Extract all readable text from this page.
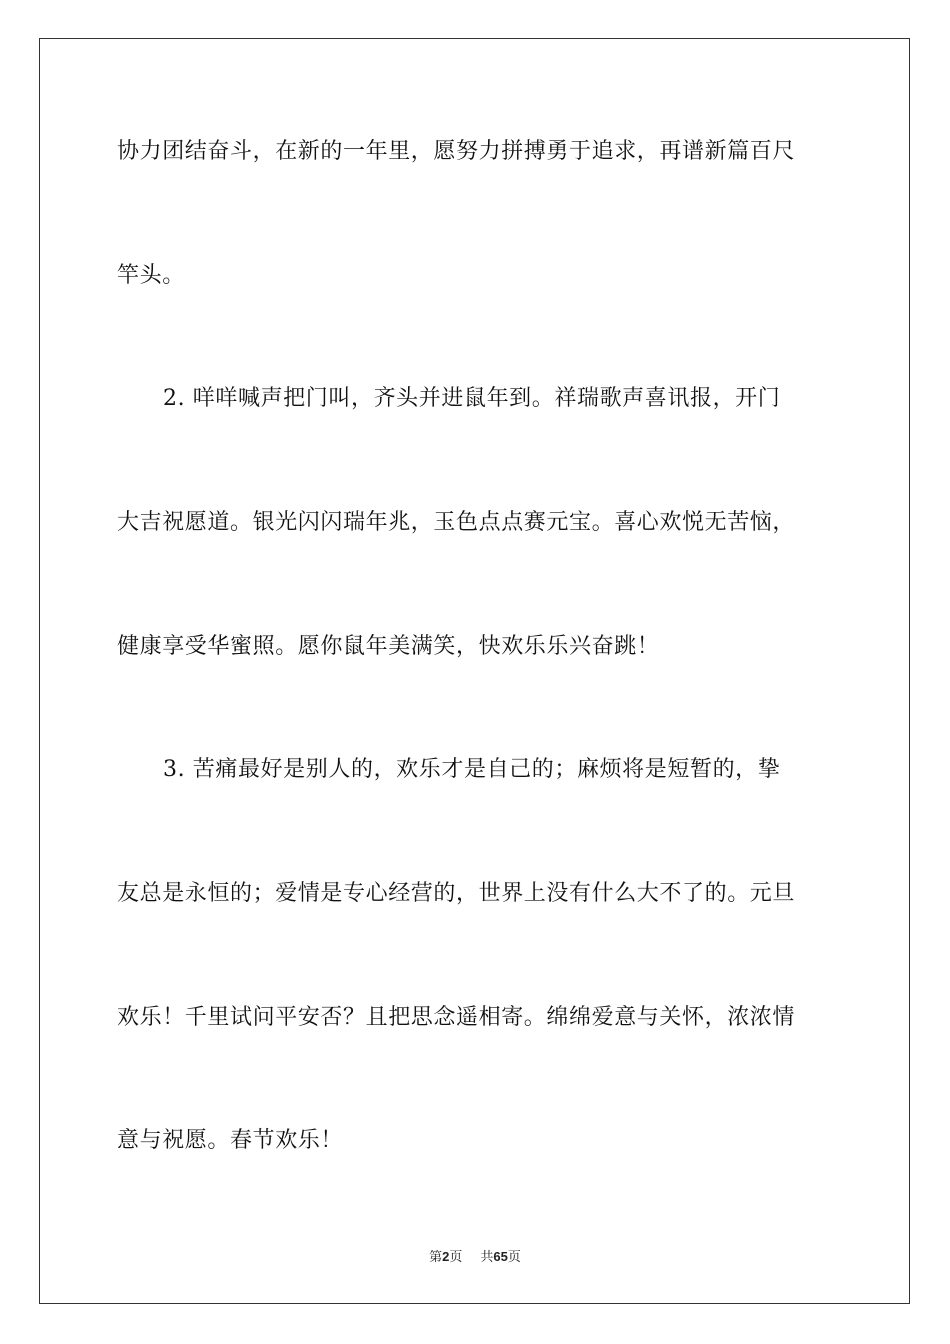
协力团结奋斗，在新的一年里，愿努力拼搏勇于追求，再谱新篇百尺
竿头。
2. 咩咩喊声把门叫，齐头并进鼠年到。祥瑞歌声喜讯报，开门
大吉祝愿道。银光闪闪瑞年兆，玉色点点赛元宝。喜心欢悦无苦恼，
健康享受华蜜照。愿你鼠年美满笑，快欢乐乐兴奋跳！
3. 苦痛最好是别人的，欢乐才是自己的；麻烦将是短暂的，挚
友总是永恒的；爱情是专心经营的，世界上没有什么大不了的。元旦
欢乐！千里试问平安否？且把思念遥相寄。绵绵爱意与关怀，浓浓情
意与祝愿。春节欢乐！
第2页 共65页
